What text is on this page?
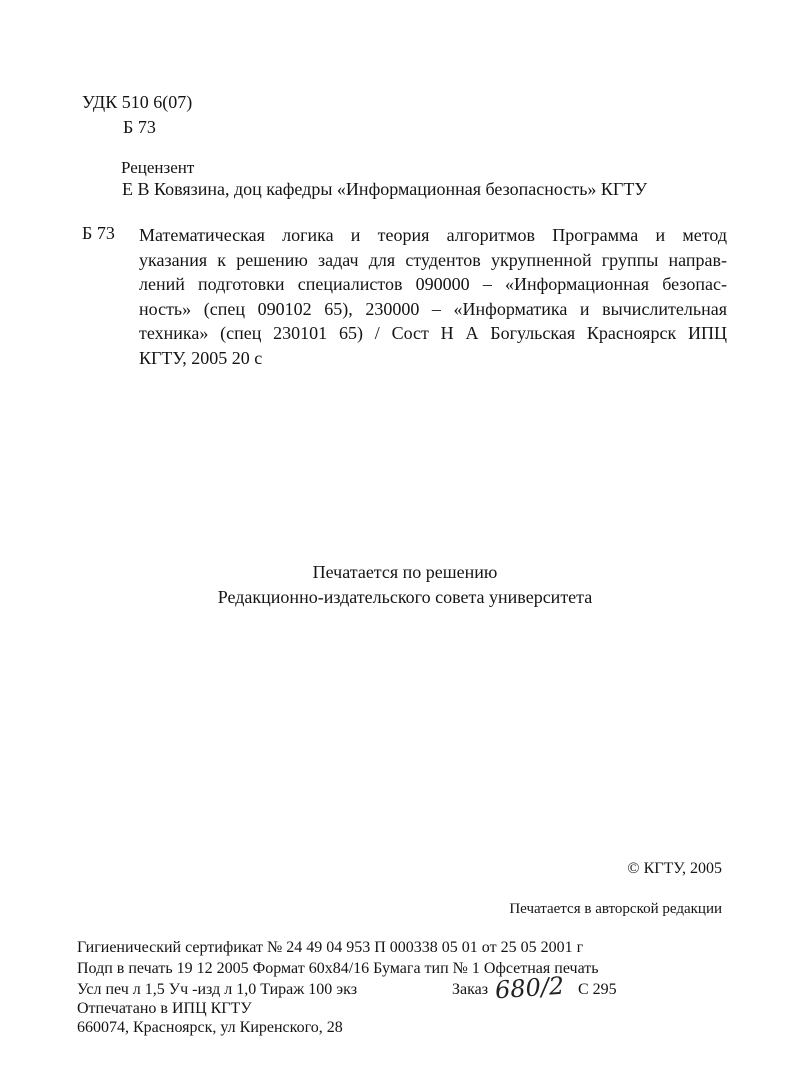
УДК 510 6(07)
Б 73
Рецензент
Е В Ковязина, доц кафедры «Информационная безопасность» КГТУ
Б 73 Математическая логика и теория алгоритмов Программа и метод
указания к решению задач для студентов укрупненной группы направ-
лений подготовки специалистов 090000 – «Информационная безопас-
ность» (спец 090102 65), 230000 – «Информатика и вычислительная
техника» (спец 230101 65) / Сост Н А Богульская Красноярск ИПЦ
КГТУ, 2005 20 с
Печатается по решению
Редакционно-издательского совета университета
© КГТУ, 2005
Печатается в авторской редакции
Гигиенический сертификат № 24 49 04 953 П 000338 05 01 от 25 05 2001 г
Подп в печать 19 12 2005 Формат 60x84/16 Бумага тип № 1 Офсетная печать
Усл печ л 1,5 Уч -изд л 1,0 Тираж 100 экз	Заказ 680/2 С 295
Отпечатано в ИПЦ КГТУ
660074, Красноярск, ул Киренского, 28
